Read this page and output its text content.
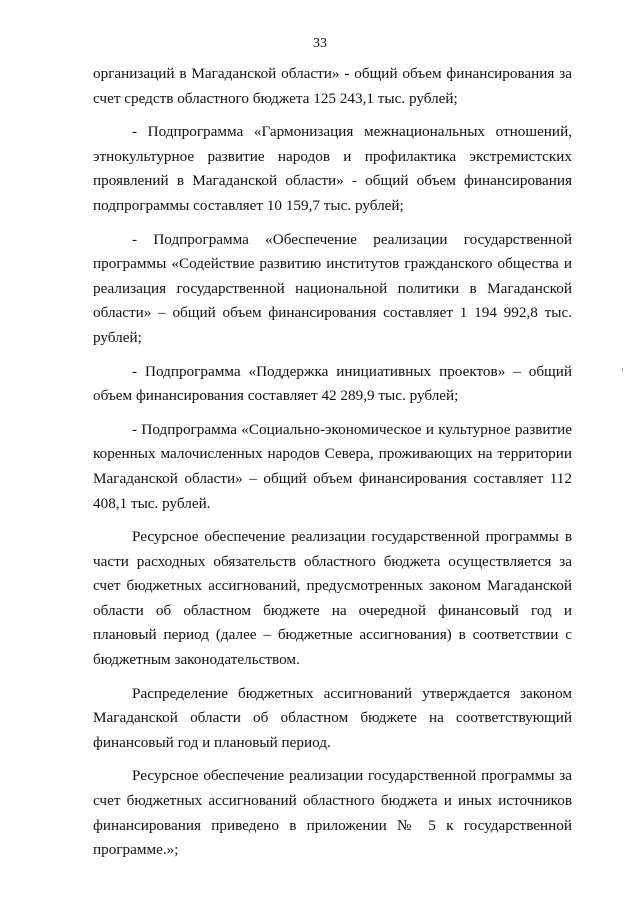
33

организаций в Магаданской области» - общий объем финансирования за счет средств областного бюджета 125 243,1 тыс. рублей;

- Подпрограмма «Гармонизация межнациональных отношений, этнокультурное развитие народов и профилактика экстремистских проявлений в Магаданской области» - общий объем финансирования подпрограммы составляет 10 159,7 тыс. рублей;

- Подпрограмма «Обеспечение реализации государственной программы «Содействие развитию институтов гражданского общества и реализация государственной национальной политики в Магаданской области» – общий объем финансирования составляет 1 194 992,8 тыс. рублей;

- Подпрограмма «Поддержка инициативных проектов» – общий объем финансирования составляет 42 289,9 тыс. рублей;

- Подпрограмма «Социально-экономическое и культурное развитие коренных малочисленных народов Севера, проживающих на территории Магаданской области» – общий объем финансирования составляет 112 408,1 тыс. рублей.

Ресурсное обеспечение реализации государственной программы в части расходных обязательств областного бюджета осуществляется за счет бюджетных ассигнований, предусмотренных законом Магаданской области об областном бюджете на очередной финансовый год и плановый период (далее – бюджетные ассигнования) в соответствии с бюджетным законодательством.

Распределение бюджетных ассигнований утверждается законом Магаданской области об областном бюджете на соответствующий финансовый год и плановый период.

Ресурсное обеспечение реализации государственной программы за счет бюджетных ассигнований областного бюджета и иных источников финансирования приведено в приложении № 5 к государственной программе.»;
